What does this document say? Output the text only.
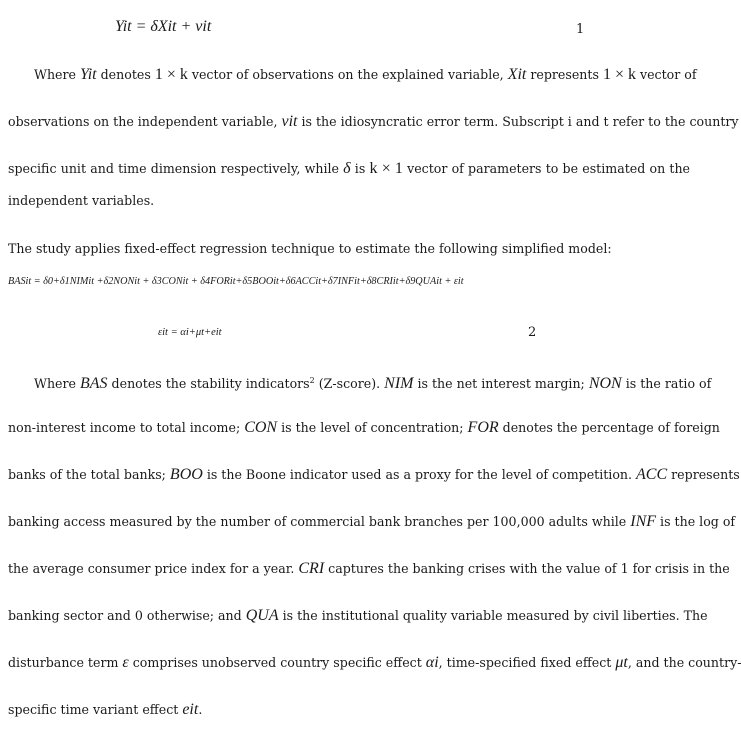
Yit = δXit + vit	1
Where Yit denotes 1 × k vector of observations on the explained variable, Xit represents 1 × k vector of
observations on the independent variable, vit is the idiosyncratic error term. Subscript i and t refer to the country
specific unit and time dimension respectively, while δ is k × 1 vector of parameters to be estimated on the
independent variables.
The study applies fixed-effect regression technique to estimate the following simplified model:
BASit = δ0+δ1NIMit +δ2NONit + δ3CONit + δ4FORit+δ5BOOit+δ6ACCit+δ7INFit+δ8CRIit+δ9QUAit + εit
εit = αi+μt+eit	2
Where BAS denotes the stability indicators$^2$ (Z-score). NIM is the net interest margin; NON is the ratio of
non-interest income to total income; CON is the level of concentration; FOR denotes the percentage of foreign
banks of the total banks; BOO is the Boone indicator used as a proxy for the level of competition. ACC represents
banking access measured by the number of commercial bank branches per 100,000 adults while INF is the log of
the average consumer price index for a year. CRI captures the banking crises with the value of 1 for crisis in the
banking sector and 0 otherwise; and QUA is the institutional quality variable measured by civil liberties. The
disturbance term ε comprises unobserved country specific effect αi, time-specified fixed effect μt, and the country-
specific time variant effect eit.
